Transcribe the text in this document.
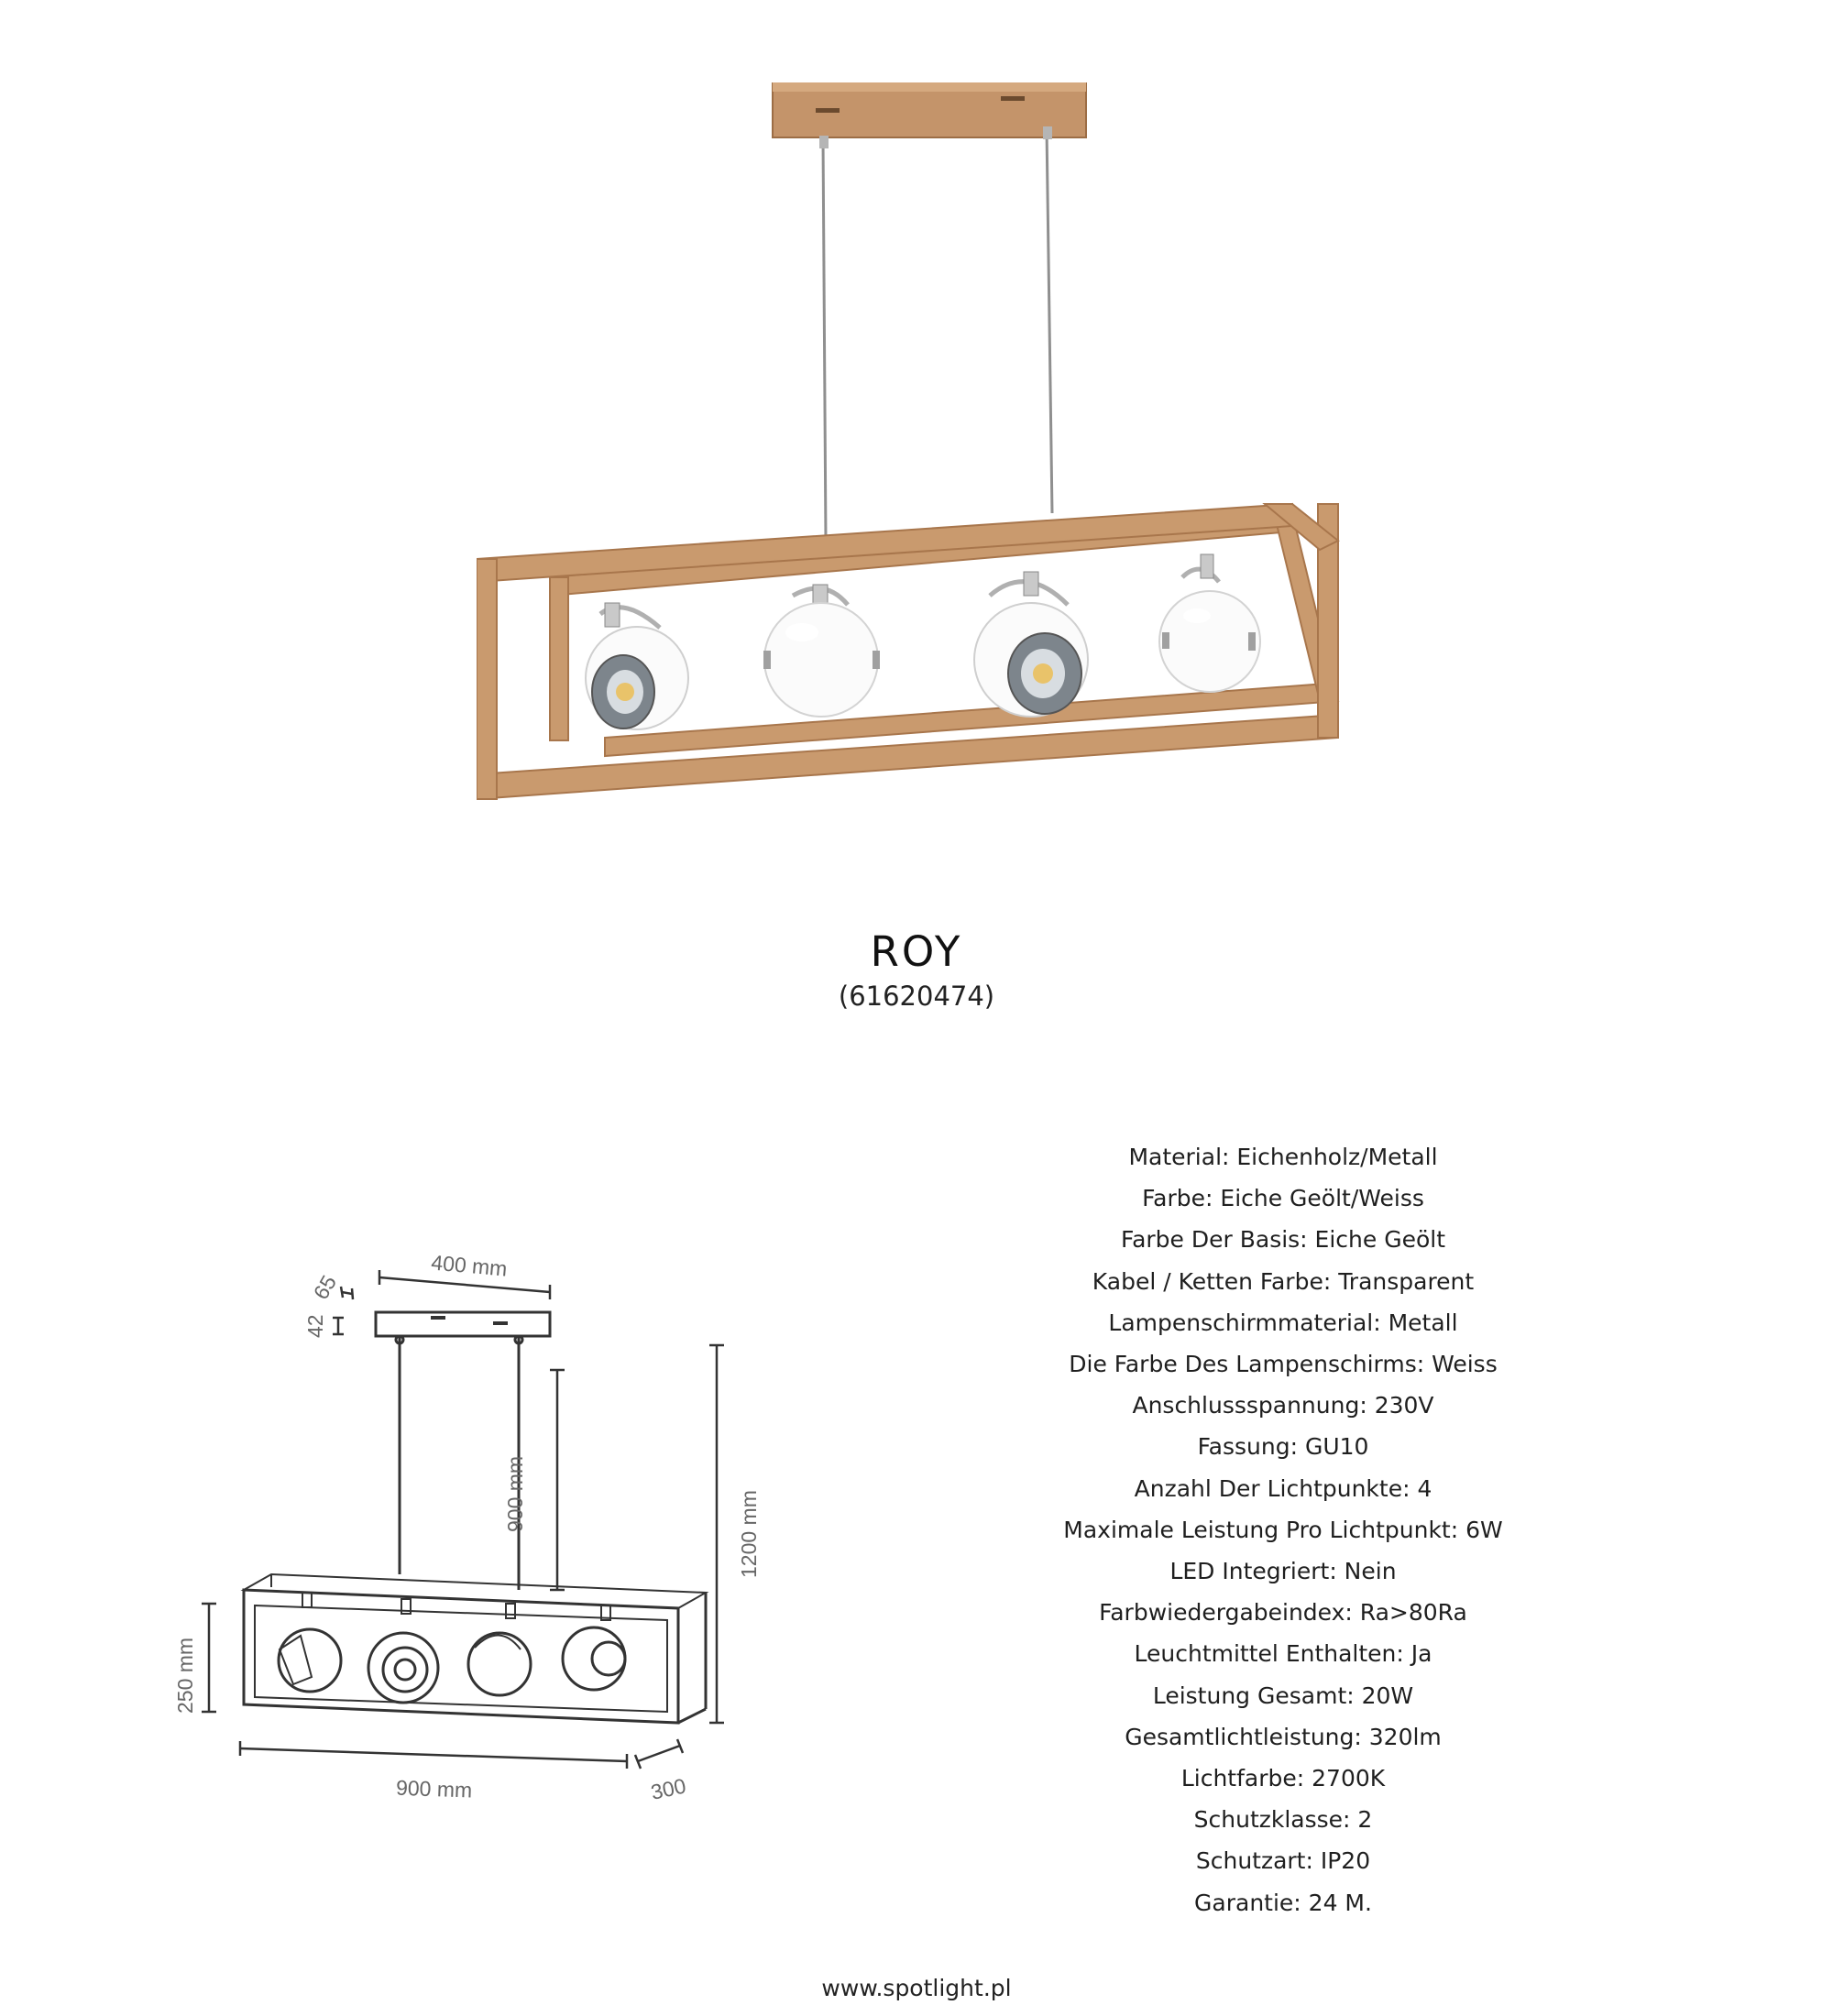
ROY
(61620474)
400 mm
65
42
900 mm	1200 mm
250 mm
900 mm	300
Material: Eichenholz/Metall
Farbe: Eiche Geölt/Weiss
Farbe Der Basis: Eiche Geölt
Kabel / Ketten Farbe: Transparent
Lampenschirmmaterial: Metall
Die Farbe Des Lampenschirms: Weiss
Anschlussspannung: 230V
Fassung: GU10
Anzahl Der Lichtpunkte: 4
Maximale Leistung Pro Lichtpunkt: 6W
LED Integriert: Nein
Farbwiedergabeindex: Ra>80Ra
Leuchtmittel Enthalten: Ja
Leistung Gesamt: 20W
Gesamtlichtleistung: 320lm
Lichtfarbe: 2700K
Schutzklasse: 2
Schutzart: IP20
Garantie: 24 M.
www.spotlight.pl
